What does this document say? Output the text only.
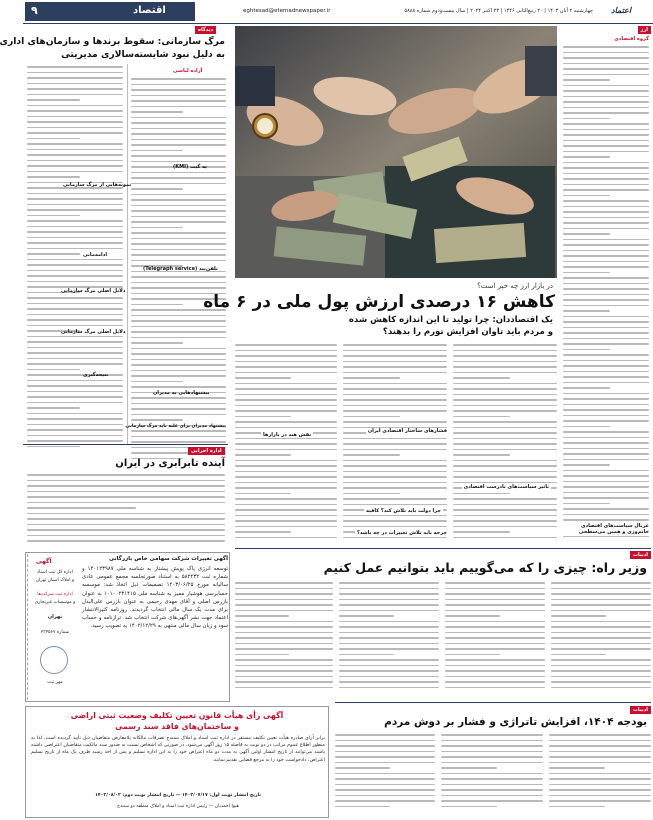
۹	اقتصاد	eghtesad@etemadnewspaper.ir	چهارشنبه ۲ آبان ۱۴۰۳ | ۲۰ ربیع‌الثانی ۱۴۴۶ | ۲۳ اکتبر ۲۰۲۴ | سال بیست‌ودوم شماره ۵۸۸۸ اعتماد
دیدگاه
مرگ سازمانی: سقوط برندها و سازمان‌های اداری
به دلیل نبود شایسته‌سالاری مدیریتی
نمونه‌هایی از مرگ سازمانی
ادامه‌مانی
دلایل اصلی مرگ سازمانی
دلایل اصلی مرگ سازمانی
نتیجه‌گیری
آزاده لیاسی
یه گیت (KMI)
تلفن‌بند (Telegraph service)
پیشنهادهایی به مدیران
پیشنهاد مدیران برای غلبه باید مرگ سازمانی
اداره اجرایی
آینده تابرابری در ایران
ارز
گروه اقتصادی
غربال سیاست‌های اقتصادی خانم‌وزی و همین می‌سطحی
در بازار ارز چه خبر است؟
کاهش ۱۶ درصدی ارزش پول ملی در ۶ ماه
یک اقتصاددان: چرا تولید تا این اندازه کاهش شده
و مردم باید تاوان افزایش تورم را بدهند؟
فشارهای ساختار اقتصادی ایران
تاثیر سیاست‌های نادرست اقتصادی
چرا دولت باید تلاش کند؟ کافیه
نقش هند در بازارها
چرخه باید تلاش تغییرات در چه باشد؟
ادبیات
وزیر راه: چیزی را که می‌گوییم باید بتوانیم عمل کنیم
آگهی
اداره کل ثبت اسناد
و املاک استان تهران
اداره ثبت شرکت‌ها
و موسسات غیرتجاری
تهران
شماره ۲۳۴۵۶۷
مهر ثبت
آگهی تغییرات شرکت سهامی خاص بازرگانی
توسعه انرژی پاک پویش پیشتاز به شناسه ملی ۱۴۰۱۲۳۹۸۷ و شماره ثبت ۵۸۲۴۳۲ به استناد صورتجلسه مجمع عمومی عادی سالیانه مورخ ۱۴۰۳/۰۶/۲۵ تصمیمات ذیل اتخاذ شد: موسسه حسابرسی هوشیار ممیز به شناسه ملی ۱۰۱۰۰۲۳۱۴۱۵ به عنوان بازرس اصلی و آقای مهدی رحیمی به عنوان بازرس علی‌البدل برای مدت یک سال مالی انتخاب گردیدند. روزنامه کثیرالانتشار اعتماد جهت نشر آگهی‌های شرکت انتخاب شد. ترازنامه و حساب سود و زیان سال مالی منتهی به ۱۴۰۲/۱۲/۲۹ به تصویب رسید.
آگهی رأی هیأت قانون تعیین تکلیف وضعیت ثبتی اراضی
و ساختمان‌های فاقد سند رسمی
برابر آرای صادره هیأت تعیین تکلیف مستقر در اداره ثبت اسناد و املاک سنندج تصرفات مالکانه بلامعارض متقاضیان ذیل تأیید گردیده است. لذا به منظور اطلاع عموم مراتب در دو نوبت به فاصله ۱۵ روز آگهی می‌شود. در صورتی که اشخاص نسبت به صدور سند مالکیت متقاضیان اعتراضی داشته باشند می‌توانند از تاریخ انتشار اولین آگهی به مدت دو ماه اعتراض خود را به این اداره تسلیم و پس از اخذ رسید ظرف یک ماه از تاریخ تسلیم اعتراض، دادخواست خود را به مرجع قضایی تقدیم نمایند.
تاریخ انتشار نوبت اول: ۱۴۰۳/۰۷/۱۷ — تاریخ انتشار نوبت دوم: ۱۴۰۳/۰۸/۰۲
هیوا احمدیان — رئیس اداره ثبت اسناد و املاک منطقه دو سنندج
ادبیات
بودجه ۱۴۰۴، افزایش تاتراژی و فشار بر دوش مردم
